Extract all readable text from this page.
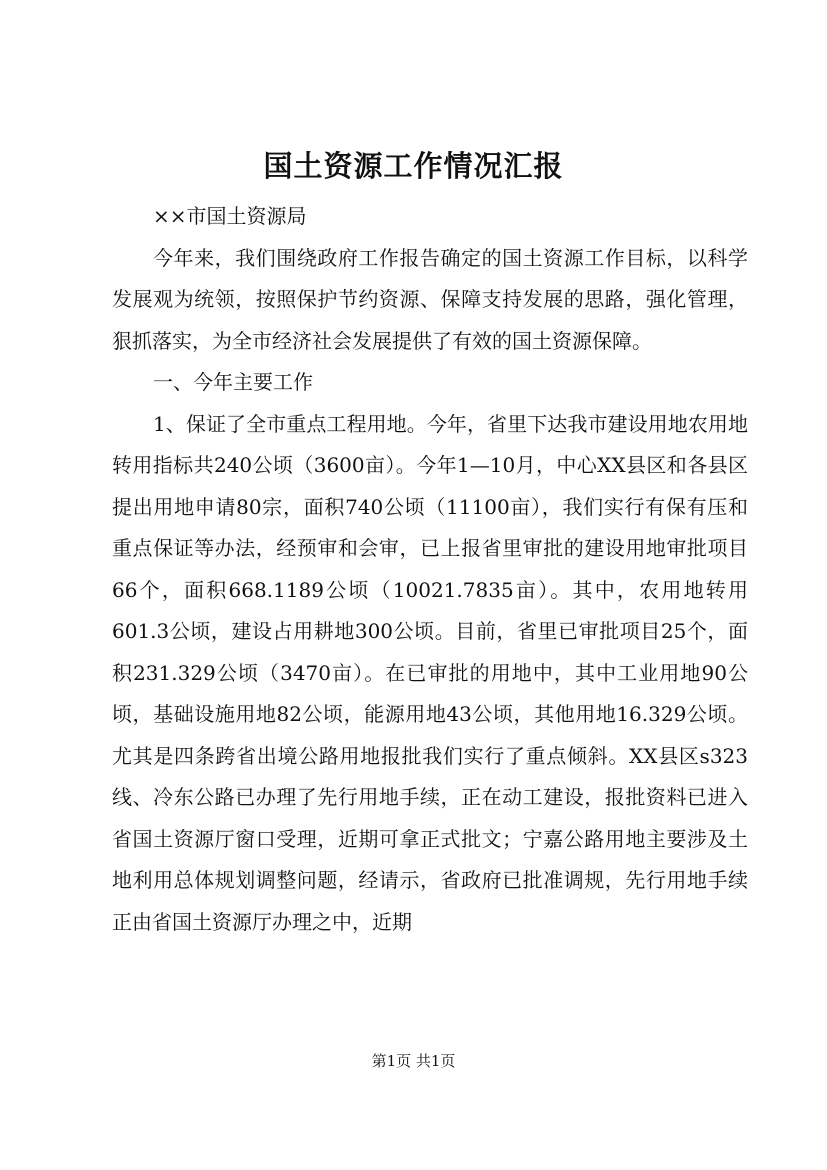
国土资源工作情况汇报

××市国土资源局

今年来，我们围绕政府工作报告确定的国土资源工作目标，以科学发展观为统领，按照保护节约资源、保障支持发展的思路，强化管理，狠抓落实，为全市经济社会发展提供了有效的国土资源保障。

一、今年主要工作

1、保证了全市重点工程用地。今年，省里下达我市建设用地农用地转用指标共240公顷（3600亩）。今年1—10月，中心XX县区和各县区提出用地申请80宗，面积740公顷（11100亩），我们实行有保有压和重点保证等办法，经预审和会审，已上报省里审批的建设用地审批项目66个，面积668.1189公顷（10021.7835亩）。其中，农用地转用601.3公顷，建设占用耕地300公顷。目前，省里已审批项目25个，面积231.329公顷（3470亩）。在已审批的用地中，其中工业用地90公顷，基础设施用地82公顷，能源用地43公顷，其他用地16.329公顷。尤其是四条跨省出境公路用地报批我们实行了重点倾斜。XX县区s323线、冷东公路已办理了先行用地手续，正在动工建设，报批资料已进入省国土资源厅窗口受理，近期可拿正式批文；宁嘉公路用地主要涉及土地利用总体规划调整问题，经请示，省政府已批准调规，先行用地手续正由省国土资源厅办理之中，近期

第1页 共1页
